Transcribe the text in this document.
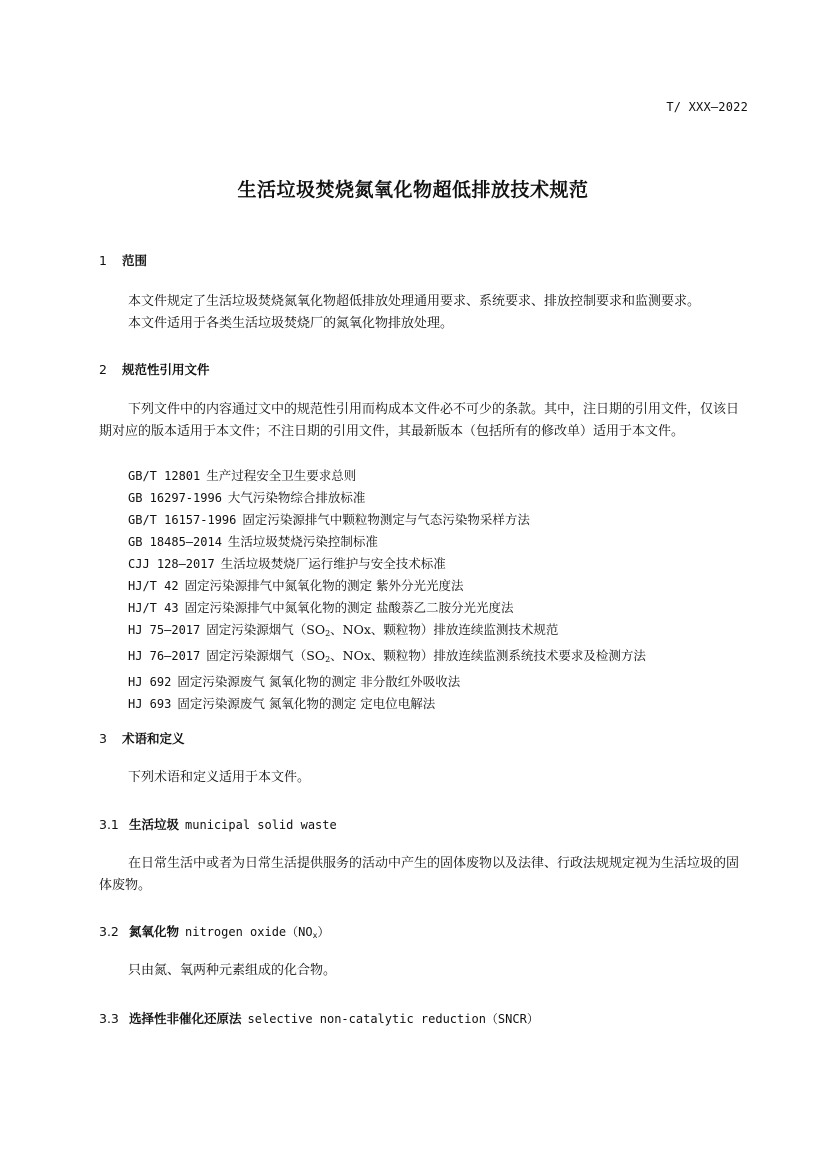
T/ XXX—2022
生活垃圾焚烧氮氧化物超低排放技术规范
1 范围

本文件规定了生活垃圾焚烧氮氧化物超低排放处理通用要求、系统要求、排放控制要求和监测要求。

本文件适用于各类生活垃圾焚烧厂的氮氧化物排放处理。

2 规范性引用文件

下列文件中的内容通过文中的规范性引用而构成本文件必不可少的条款。其中，注日期的引用文件，仅该日期对应的版本适用于本文件；不注日期的引用文件，其最新版本（包括所有的修改单）适用于本文件。

GB/T 12801 生产过程安全卫生要求总则
GB 16297-1996 大气污染物综合排放标准
GB/T 16157-1996 固定污染源排气中颗粒物测定与气态污染物采样方法
GB 18485—2014 生活垃圾焚烧污染控制标准
CJJ 128—2017 生活垃圾焚烧厂运行维护与安全技术标准
HJ/T 42 固定污染源排气中氮氧化物的测定 紫外分光光度法
HJ/T 43 固定污染源排气中氮氧化物的测定 盐酸萘乙二胺分光光度法
HJ 75—2017 固定污染源烟气（$SO_2$、NOx、颗粒物）排放连续监测技术规范
HJ 76—2017 固定污染源烟气（$SO_2$、NOx、颗粒物）排放连续监测系统技术要求及检测方法
HJ 692 固定污染源废气 氮氧化物的测定 非分散红外吸收法
HJ 693 固定污染源废气 氮氧化物的测定 定电位电解法
3 术语和定义

下列术语和定义适用于本文件。

3.1 生活垃圾 municipal solid waste

在日常生活中或者为日常生活提供服务的活动中产生的固体废物以及法律、行政法规规定视为生活垃圾的固体废物。

3.2 氮氧化物 nitrogen $oxide(NO_x)$

只由氮、氧两种元素组成的化合物。

3.3 选择性非催化还原法 selective non-catalytic reduction（SNCR）
